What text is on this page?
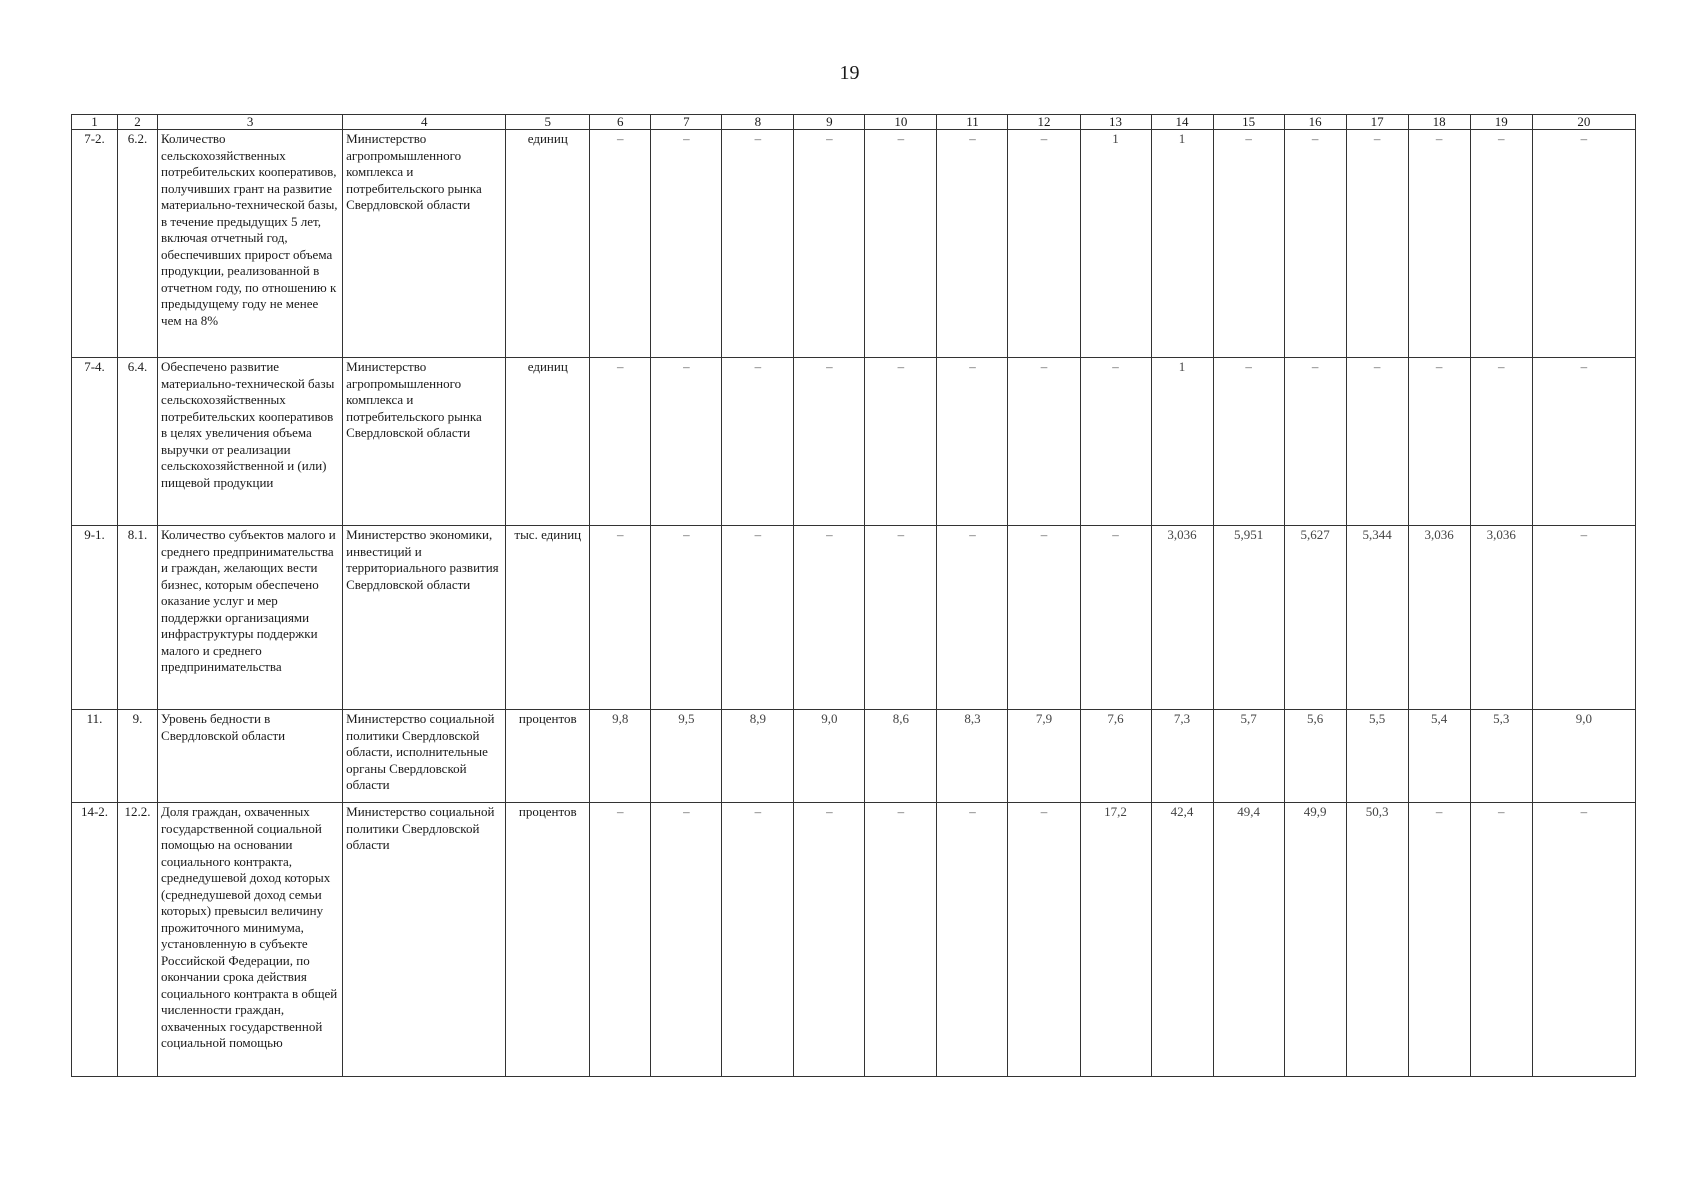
19
1	2	3	4	5	6	7	8	9	10	11	12	13	14	15	16	17	18	19	20
7-2.	6.2.	Количество сельскохозяйственных потребительских кооперативов, получивших грант на развитие материально-технической базы, в течение предыдущих 5 лет, включая отчетный год, обеспечивших прирост объема продукции, реализованной в отчетном году, по отношению к предыдущему году не менее чем на 8%	Министерство агропромышленного комплекса и потребительского рынка Свердловской области	единиц	–	–	–	–	–	–	–	1	1	–	–	–	–	–	–
7-4.	6.4.	Обеспечено развитие материально-технической базы сельскохозяйственных потребительских кооперативов в целях увеличения объема выручки от реализации сельскохозяйственной и (или) пищевой продукции	Министерство агропромышленного комплекса и потребительского рынка Свердловской области	единиц	–	–	–	–	–	–	–	–	1	–	–	–	–	–	–
9-1.	8.1.	Количество субъектов малого и среднего предпринимательства и граждан, желающих вести бизнес, которым обеспечено оказание услуг и мер поддержки организациями инфраструктуры поддержки малого и среднего предпринимательства	Министерство экономики, инвестиций и территориального развития Свердловской области	тыс. единиц	–	–	–	–	–	–	–	–	3,036	5,951	5,627	5,344	3,036	3,036	–
11.	9.	Уровень бедности в Свердловской области	Министерство социальной политики Свердловской области, исполнительные органы Свердловской области	процентов	9,8	9,5	8,9	9,0	8,6	8,3	7,9	7,6	7,3	5,7	5,6	5,5	5,4	5,3	9,0
14-2.	12.2.	Доля граждан, охваченных государственной социальной помощью на основании социального контракта, среднедушевой доход которых (среднедушевой доход семьи которых) превысил величину прожиточного минимума, установленную в субъекте Российской Федерации, по окончании срока действия социального контракта в общей численности граждан, охваченных государственной социальной помощью	Министерство социальной политики Свердловской области	процентов	–	–	–	–	–	–	–	17,2	42,4	49,4	49,9	50,3	–	–	–
